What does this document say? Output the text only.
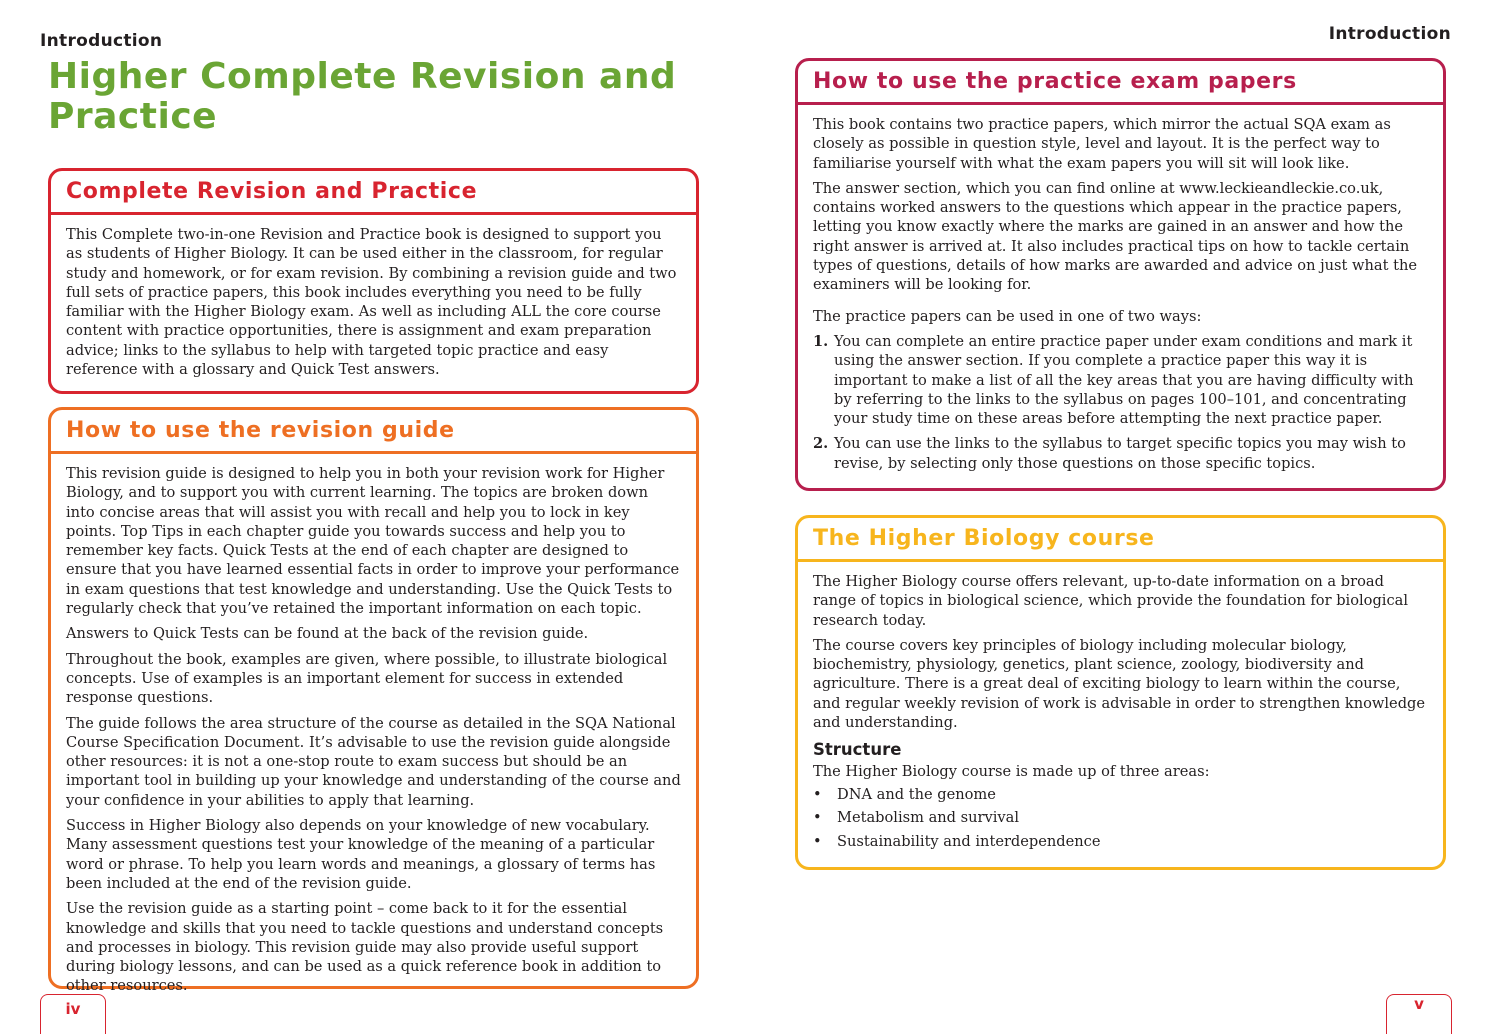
Introduction
Higher Complete Revision and Practice
Complete Revision and Practice

This Complete two-in-one Revision and Practice book is designed to support you as students of Higher Biology. It can be used either in the classroom, for regular study and homework, or for exam revision. By combining a revision guide and two full sets of practice papers, this book includes everything you need to be fully familiar with the Higher Biology exam. As well as including ALL the core course content with practice opportunities, there is assignment and exam preparation advice; links to the syllabus to help with targeted topic practice and easy reference with a glossary and Quick Test answers.

How to use the revision guide

This revision guide is designed to help you in both your revision work for Higher Biology, and to support you with current learning. The topics are broken down into concise areas that will assist you with recall and help you to lock in key points. Top Tips in each chapter guide you towards success and help you to remember key facts. Quick Tests at the end of each chapter are designed to ensure that you have learned essential facts in order to improve your performance in exam questions that test knowledge and understanding. Use the Quick Tests to regularly check that you’ve retained the important information on each topic.

Answers to Quick Tests can be found at the back of the revision guide.

Throughout the book, examples are given, where possible, to illustrate biological concepts. Use of examples is an important element for success in extended response questions.

The guide follows the area structure of the course as detailed in the SQA National Course Specification Document. It’s advisable to use the revision guide alongside other resources: it is not a one-stop route to exam success but should be an important tool in building up your knowledge and understanding of the course and your confidence in your abilities to apply that learning.

Success in Higher Biology also depends on your knowledge of new vocabulary. Many assessment questions test your knowledge of the meaning of a particular word or phrase. To help you learn words and meanings, a glossary of terms has been included at the end of the revision guide.

Use the revision guide as a starting point – come back to it for the essential knowledge and skills that you need to tackle questions and understand concepts and processes in biology. This revision guide may also provide useful support during biology lessons, and can be used as a quick reference book in addition to other resources.

iv
Introduction
How to use the practice exam papers

This book contains two practice papers, which mirror the actual SQA exam as closely as possible in question style, level and layout. It is the perfect way to familiarise yourself with what the exam papers you will sit will look like.

The answer section, which you can find online at www.leckieandleckie.co.uk, contains worked answers to the questions which appear in the practice papers, letting you know exactly where the marks are gained in an answer and how the right answer is arrived at. It also includes practical tips on how to tackle certain types of questions, details of how marks are awarded and advice on just what the examiners will be looking for.

The practice papers can be used in one of two ways:

1. You can complete an entire practice paper under exam conditions and mark it using the answer section. If you complete a practice paper this way it is important to make a list of all the key areas that you are having difficulty with by referring to the links to the syllabus on pages 100–101, and concentrating your study time on these areas before attempting the next practice paper.
2. You can use the links to the syllabus to target specific topics you may wish to revise, by selecting only those questions on those specific topics.
The Higher Biology course

The Higher Biology course offers relevant, up-to-date information on a broad range of topics in biological science, which provide the foundation for biological research today.

The course covers key principles of biology including molecular biology, biochemistry, physiology, genetics, plant science, zoology, biodiversity and agriculture. There is a great deal of exciting biology to learn within the course, and regular weekly revision of work is advisable in order to strengthen knowledge and understanding.

Structure
The Higher Biology course is made up of three areas:
•	DNA and the genome
•	Metabolism and survival
•	Sustainability and interdependence
v
